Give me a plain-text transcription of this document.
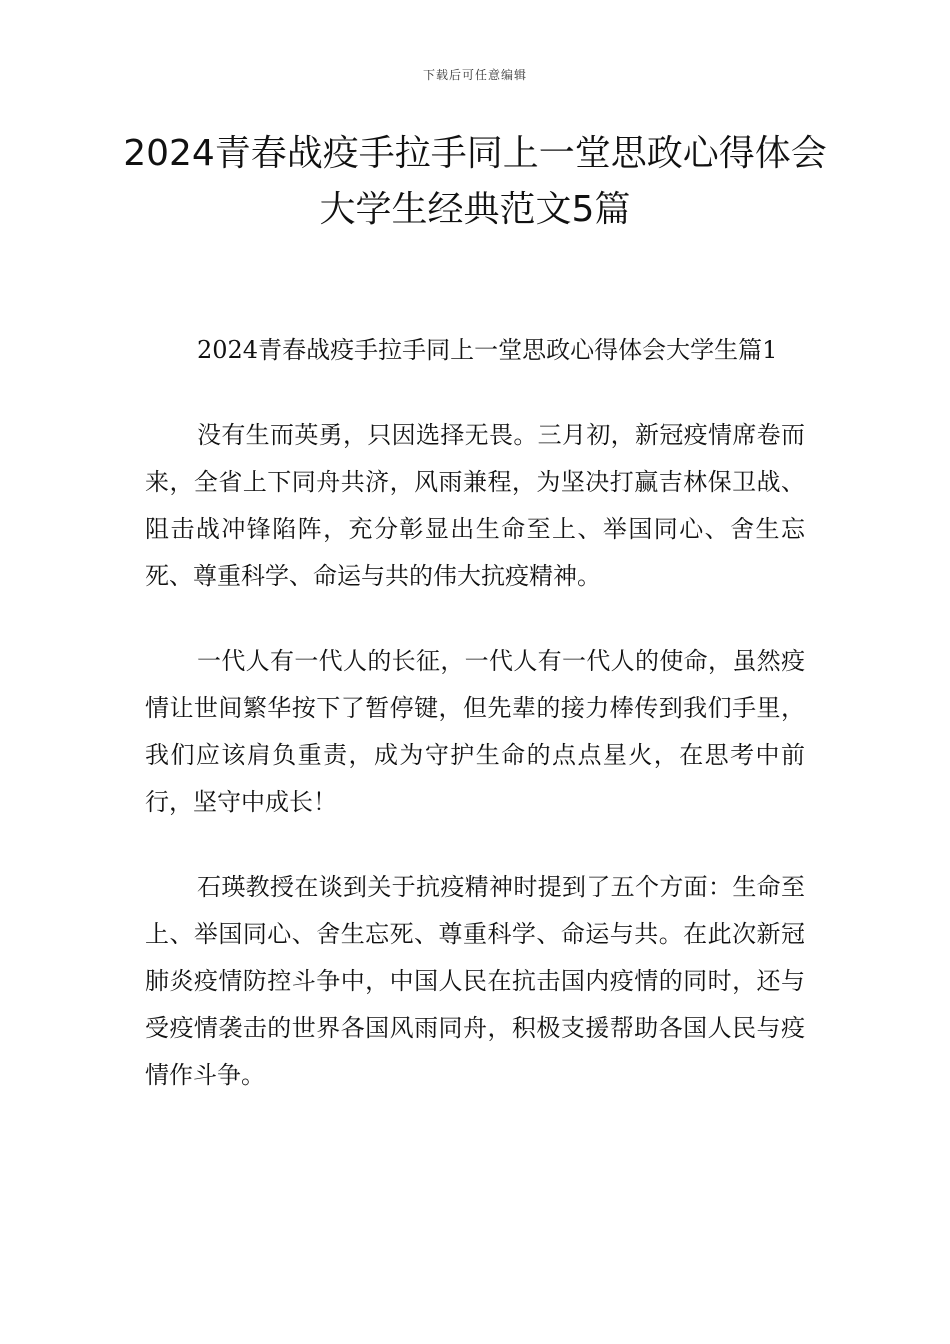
下载后可任意编辑
2024青春战疫手拉手同上一堂思政心得体会大学生经典范文5篇

2024青春战疫手拉手同上一堂思政心得体会大学生篇1

没有生而英勇，只因选择无畏。三月初，新冠疫情席卷而来，全省上下同舟共济，风雨兼程，为坚决打赢吉林保卫战、阻击战冲锋陷阵，充分彰显出生命至上、举国同心、舍生忘死、尊重科学、命运与共的伟大抗疫精神。

一代人有一代人的长征，一代人有一代人的使命，虽然疫情让世间繁华按下了暂停键，但先辈的接力棒传到我们手里，我们应该肩负重责，成为守护生命的点点星火，在思考中前行，坚守中成长！

石瑛教授在谈到关于抗疫精神时提到了五个方面：生命至上、举国同心、舍生忘死、尊重科学、命运与共。在此次新冠肺炎疫情防控斗争中，中国人民在抗击国内疫情的同时，还与受疫情袭击的世界各国风雨同舟，积极支援帮助各国人民与疫情作斗争。
